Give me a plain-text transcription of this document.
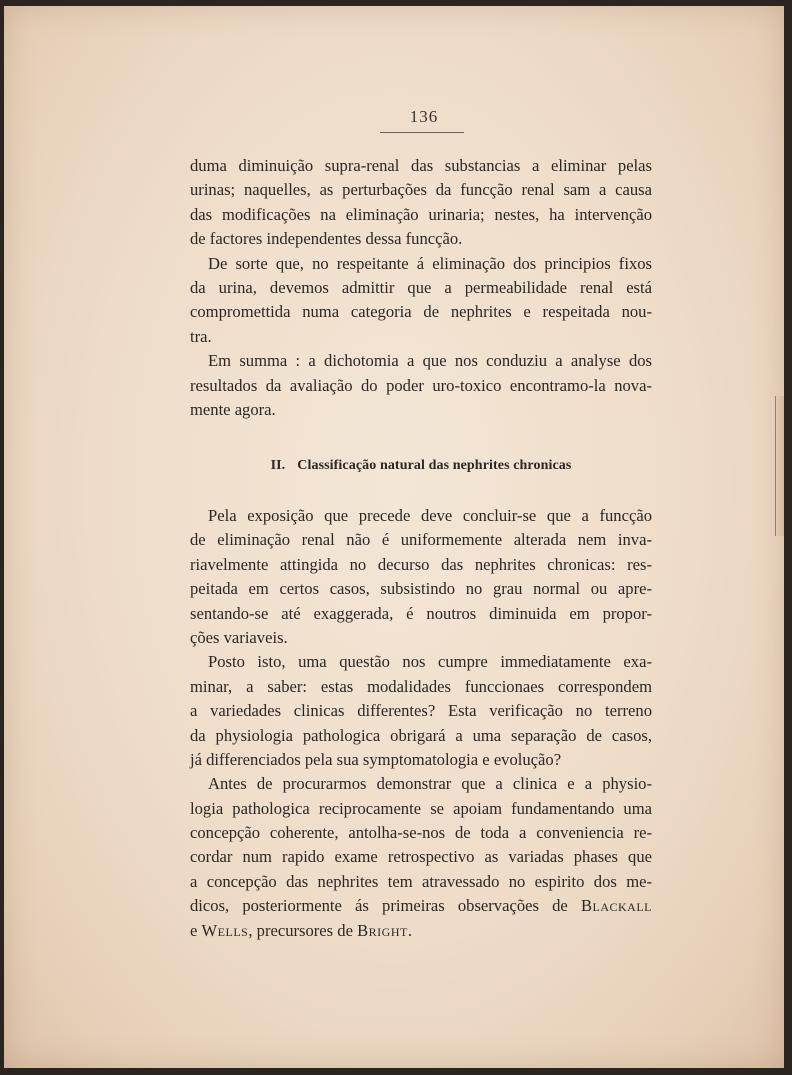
136
duma diminuição supra-renal das substancias a eliminar pelas
urinas; naquelles, as perturbações da funcção renal sam a causa
das modificações na eliminação urinaria; nestes, ha intervenção
de factores independentes dessa funcção.
De sorte que, no respeitante á eliminação dos principios fixos
da urina, devemos admittir que a permeabilidade renal está
compromettida numa categoria de nephrites e respeitada nou-
tra.
Em summa : a dichotomia a que nos conduziu a analyse dos
resultados da avaliação do poder uro-toxico encontramo-la nova-
mente agora.
II. Classificação natural das nephrites chronicas
Pela exposição que precede deve concluir-se que a funcção
de eliminação renal não é uniformemente alterada nem inva-
riavelmente attingida no decurso das nephrites chronicas: res-
peitada em certos casos, subsistindo no grau normal ou apre-
sentando-se até exaggerada, é noutros diminuida em propor-
ções variaveis.
Posto isto, uma questão nos cumpre immediatamente exa-
minar, a saber: estas modalidades funccionaes correspondem
a variedades clinicas differentes? Esta verificação no terreno
da physiologia pathologica obrigará a uma separação de casos,
já differenciados pela sua symptomatologia e evolução?
Antes de procurarmos demonstrar que a clinica e a physio-
logia pathologica reciprocamente se apoiam fundamentando uma
concepção coherente, antolha-se-nos de toda a conveniencia re-
cordar num rapido exame retrospectivo as variadas phases que
a concepção das nephrites tem atravessado no espirito dos me-
dicos, posteriormente ás primeiras observações de Blackall
e Wells, precursores de Bright.
